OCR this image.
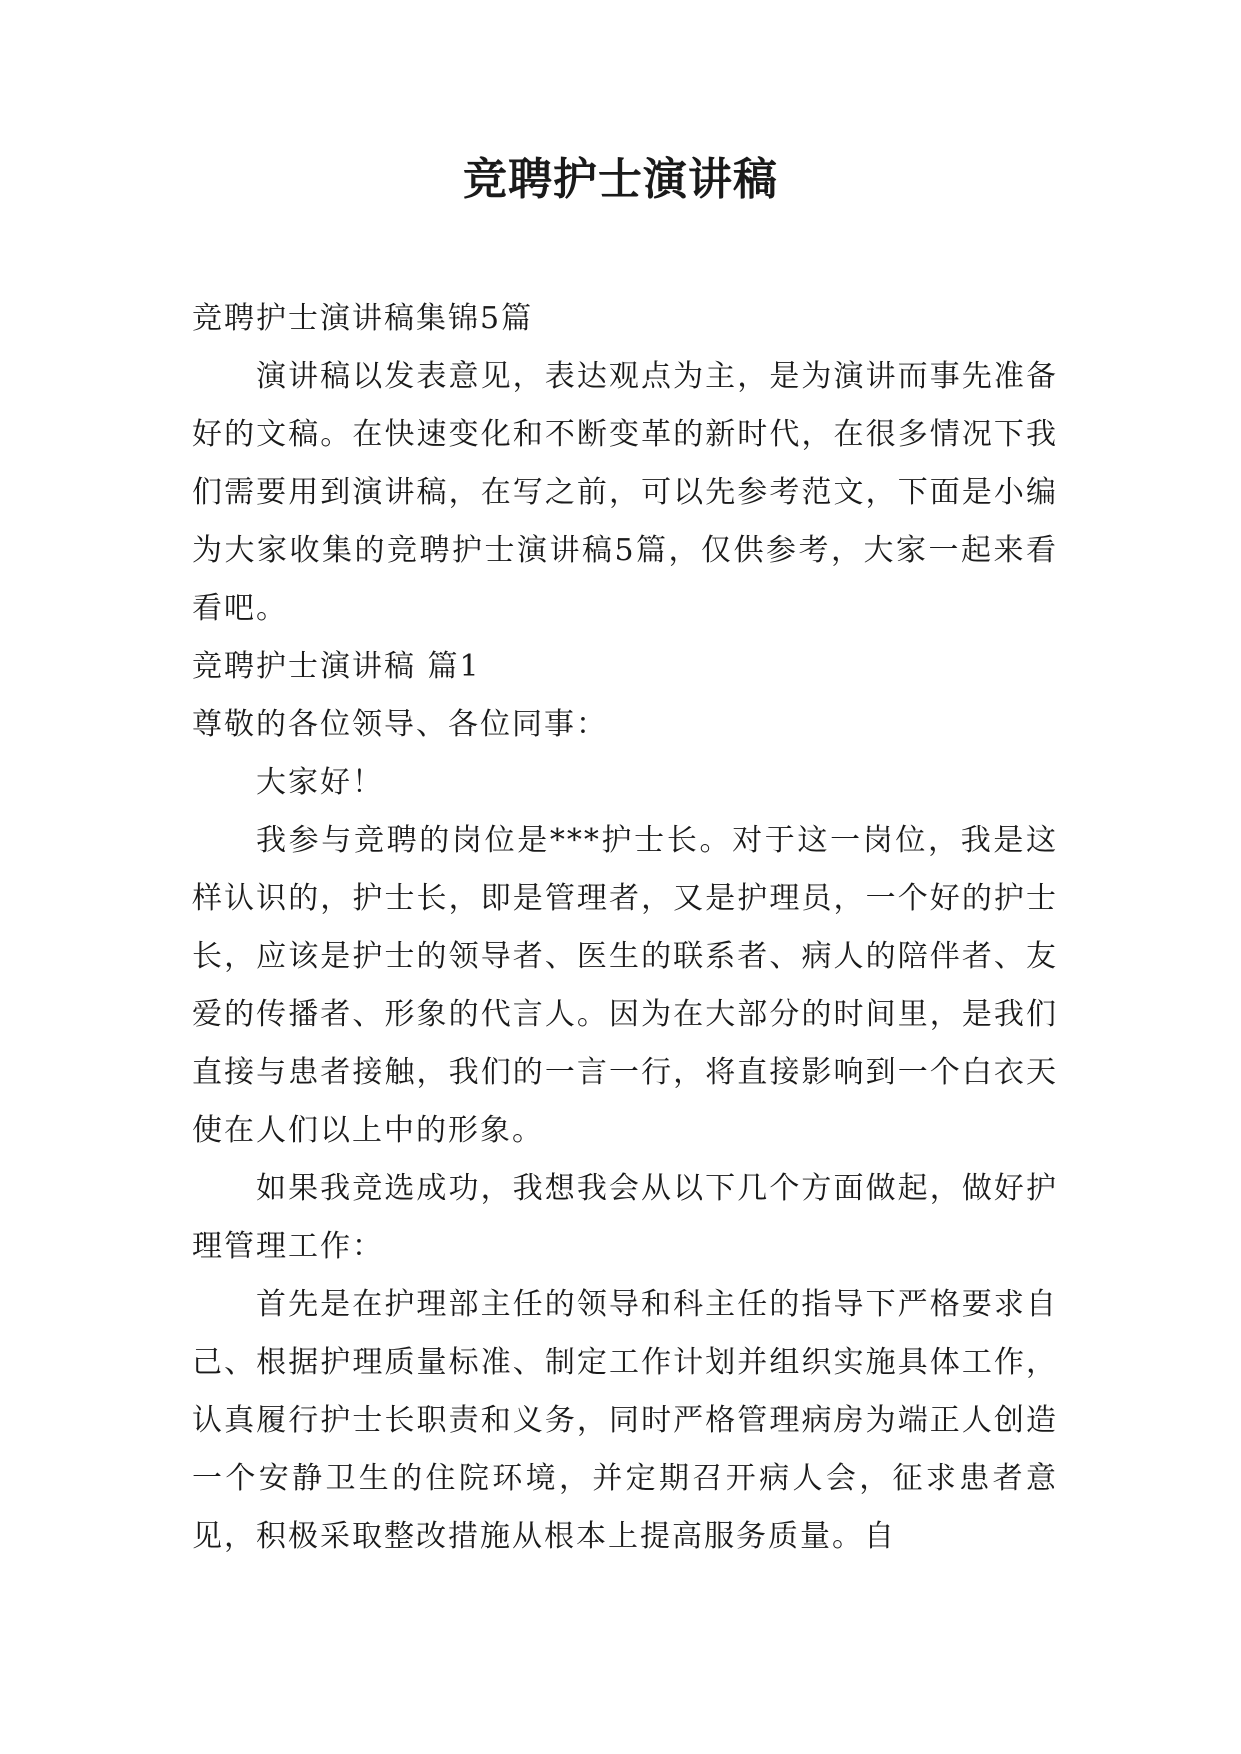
竞聘护士演讲稿

竞聘护士演讲稿集锦5篇

演讲稿以发表意见，表达观点为主，是为演讲而事先准备好的文稿。在快速变化和不断变革的新时代，在很多情况下我们需要用到演讲稿，在写之前，可以先参考范文，下面是小编为大家收集的竞聘护士演讲稿5篇，仅供参考，大家一起来看看吧。

竞聘护士演讲稿 篇1

尊敬的各位领导、各位同事：

大家好！

我参与竞聘的岗位是***护士长。对于这一岗位，我是这样认识的，护士长，即是管理者，又是护理员，一个好的护士长，应该是护士的领导者、医生的联系者、病人的陪伴者、友爱的传播者、形象的代言人。因为在大部分的时间里，是我们直接与患者接触，我们的一言一行，将直接影响到一个白衣天使在人们以上中的形象。

如果我竞选成功，我想我会从以下几个方面做起，做好护理管理工作：

首先是在护理部主任的领导和科主任的指导下严格要求自己、根据护理质量标准、制定工作计划并组织实施具体工作，认真履行护士长职责和义务，同时严格管理病房为端正人创造一个安静卫生的住院环境，并定期召开病人会，征求患者意见，积极采取整改措施从根本上提高服务质量。自
